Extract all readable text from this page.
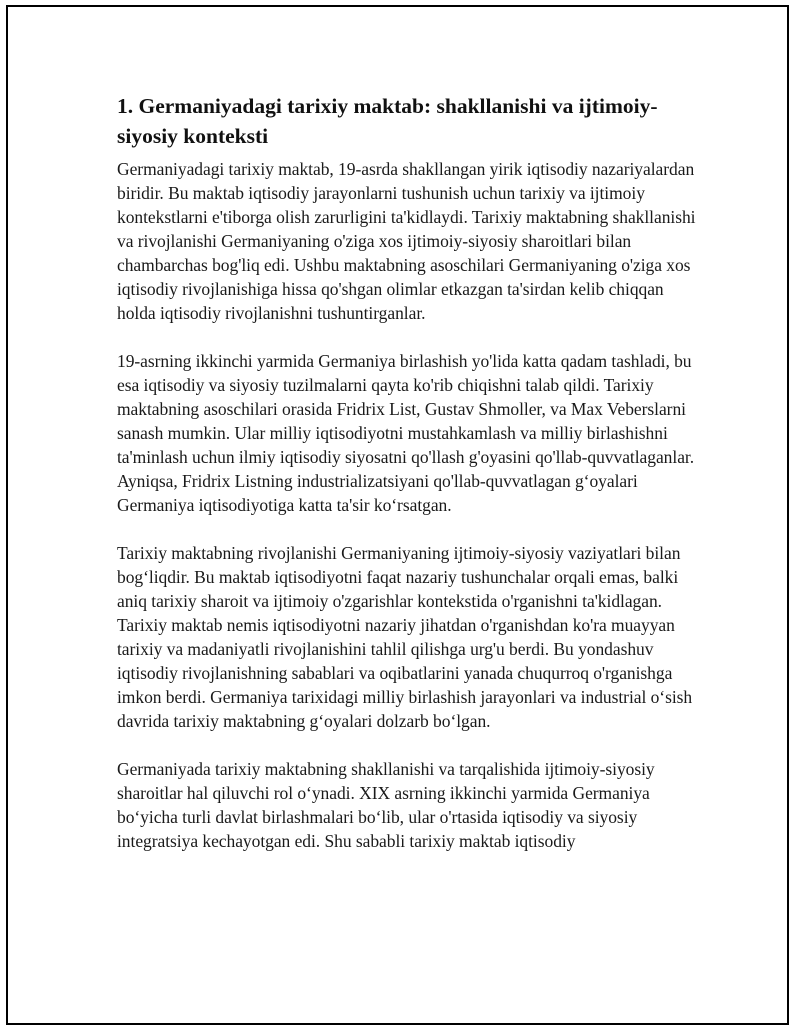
1. Germaniyadagi tarixiy maktab: shakllanishi va ijtimoiy-siyosiy konteksti

Germaniyadagi tarixiy maktab, 19-asrda shakllangan yirik iqtisodiy nazariyalardan biridir. Bu maktab iqtisodiy jarayonlarni tushunish uchun tarixiy va ijtimoiy kontekstlarni e'tiborga olish zarurligini ta'kidlaydi. Tarixiy maktabning shakllanishi va rivojlanishi Germaniyaning o'ziga xos ijtimoiy-siyosiy sharoitlari bilan chambarchas bog'liq edi. Ushbu maktabning asoschilari Germaniyaning o'ziga xos iqtisodiy rivojlanishiga hissa qo'shgan olimlar etkazgan ta'sirdan kelib chiqqan holda iqtisodiy rivojlanishni tushuntirganlar.

19-asrning ikkinchi yarmida Germaniya birlashish yo'lida katta qadam tashladi, bu esa iqtisodiy va siyosiy tuzilmalarni qayta ko'rib chiqishni talab qildi. Tarixiy maktabning asoschilari orasida Fridrix List, Gustav Shmoller, va Max Veberslarni sanash mumkin. Ular milliy iqtisodiyotni mustahkamlash va milliy birlashishni ta'minlash uchun ilmiy iqtisodiy siyosatni qo'llash g'oyasini qo'llab-quvvatlaganlar. Ayniqsa, Fridrix Listning industrializatsiyani qo'llab-quvvatlagan g‘oyalari Germaniya iqtisodiyotiga katta ta'sir ko‘rsatgan.

Tarixiy maktabning rivojlanishi Germaniyaning ijtimoiy-siyosiy vaziyatlari bilan bog‘liqdir. Bu maktab iqtisodiyotni faqat nazariy tushunchalar orqali emas, balki aniq tarixiy sharoit va ijtimoiy o'zgarishlar kontekstida o'rganishni ta'kidlagan. Tarixiy maktab nemis iqtisodiyotni nazariy jihatdan o'rganishdan ko'ra muayyan tarixiy va madaniyatli rivojlanishini tahlil qilishga urg'u berdi. Bu yondashuv iqtisodiy rivojlanishning sabablari va oqibatlarini yanada chuqurroq o'rganishga imkon berdi. Germaniya tarixidagi milliy birlashish jarayonlari va industrial o‘sish davrida tarixiy maktabning g‘oyalari dolzarb bo‘lgan.

Germaniyada tarixiy maktabning shakllanishi va tarqalishida ijtimoiy-siyosiy sharoitlar hal qiluvchi rol o‘ynadi. XIX asrning ikkinchi yarmida Germaniya bo‘yicha turli davlat birlashmalari bo‘lib, ular o'rtasida iqtisodiy va siyosiy integratsiya kechayotgan edi. Shu sababli tarixiy maktab iqtisodiy
